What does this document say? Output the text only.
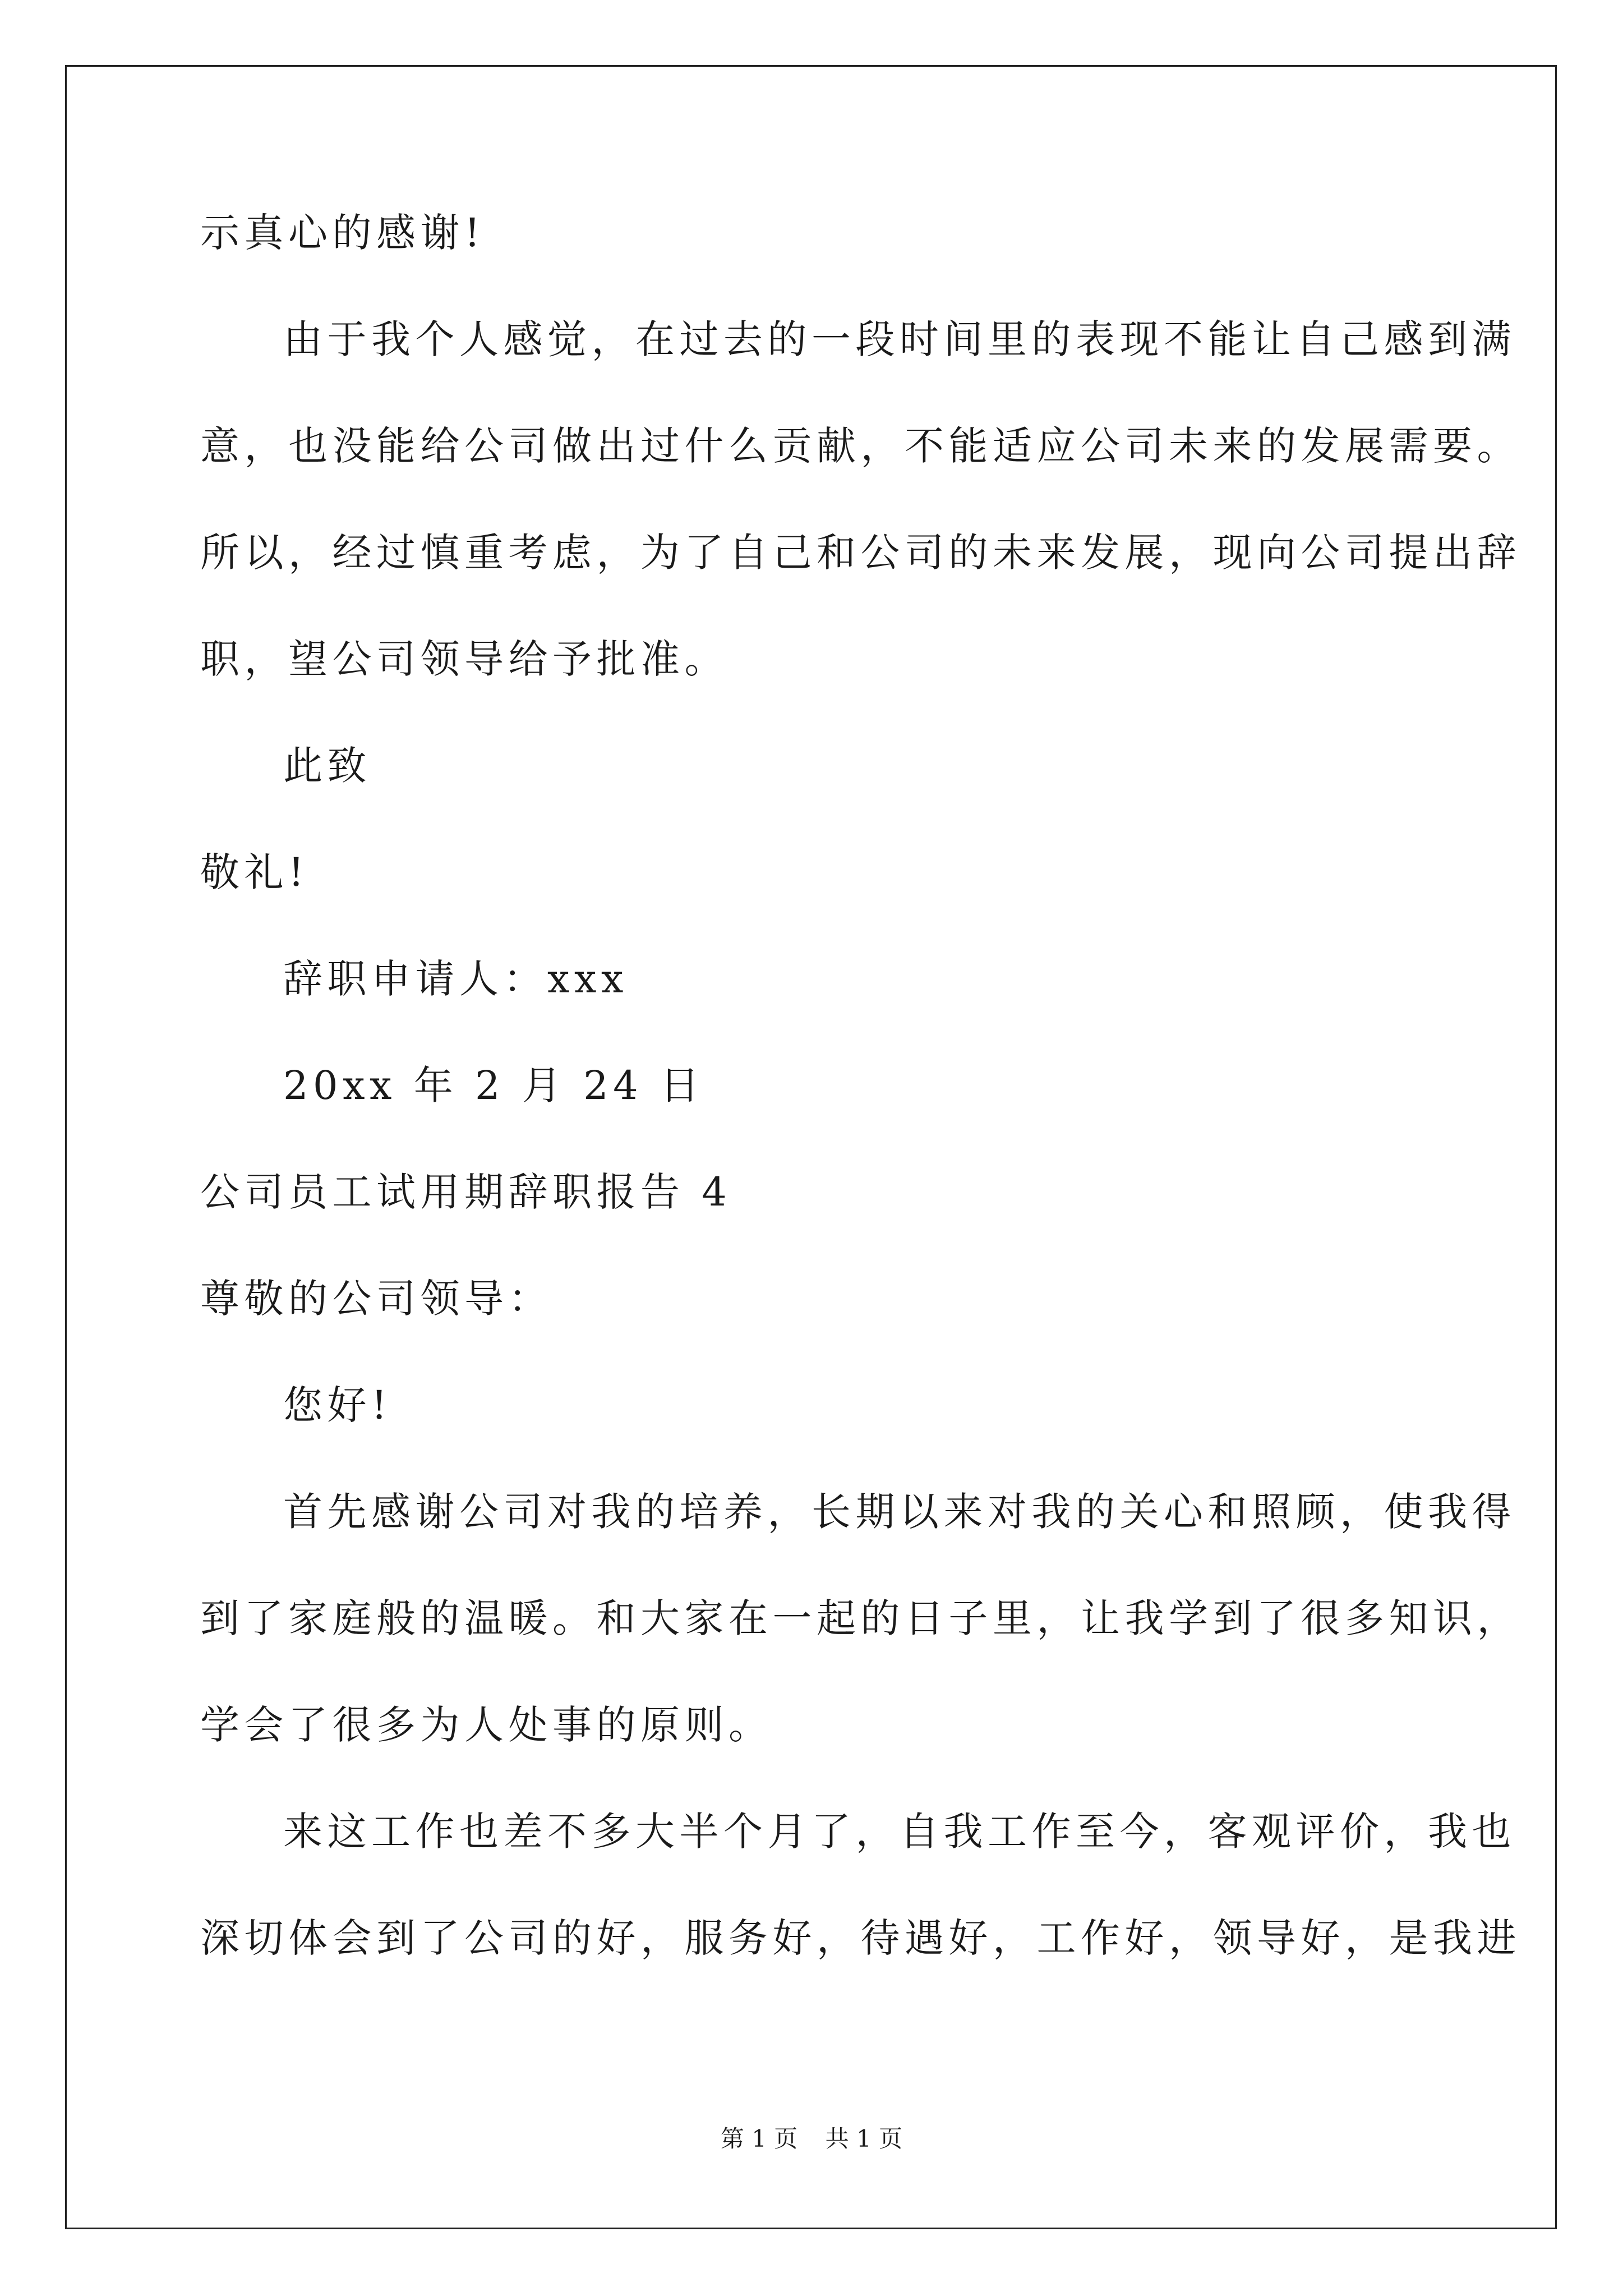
示真心的感谢!
由于我个人感觉，在过去的一段时间里的表现不能让自己感到满
意，也没能给公司做出过什么贡献，不能适应公司未来的发展需要。
所以，经过慎重考虑，为了自己和公司的未来发展，现向公司提出辞
职，望公司领导给予批准。
此致
敬礼!
辞职申请人：xxx
20xx 年 2 月 24 日
公司员工试用期辞职报告 4
尊敬的公司领导：
您好!
首先感谢公司对我的培养，长期以来对我的关心和照顾，使我得
到了家庭般的温暖。和大家在一起的日子里，让我学到了很多知识，
学会了很多为人处事的原则。
来这工作也差不多大半个月了，自我工作至今，客观评价，我也
深切体会到了公司的好，服务好，待遇好，工作好，领导好，是我进
第 1 页 共 1 页
